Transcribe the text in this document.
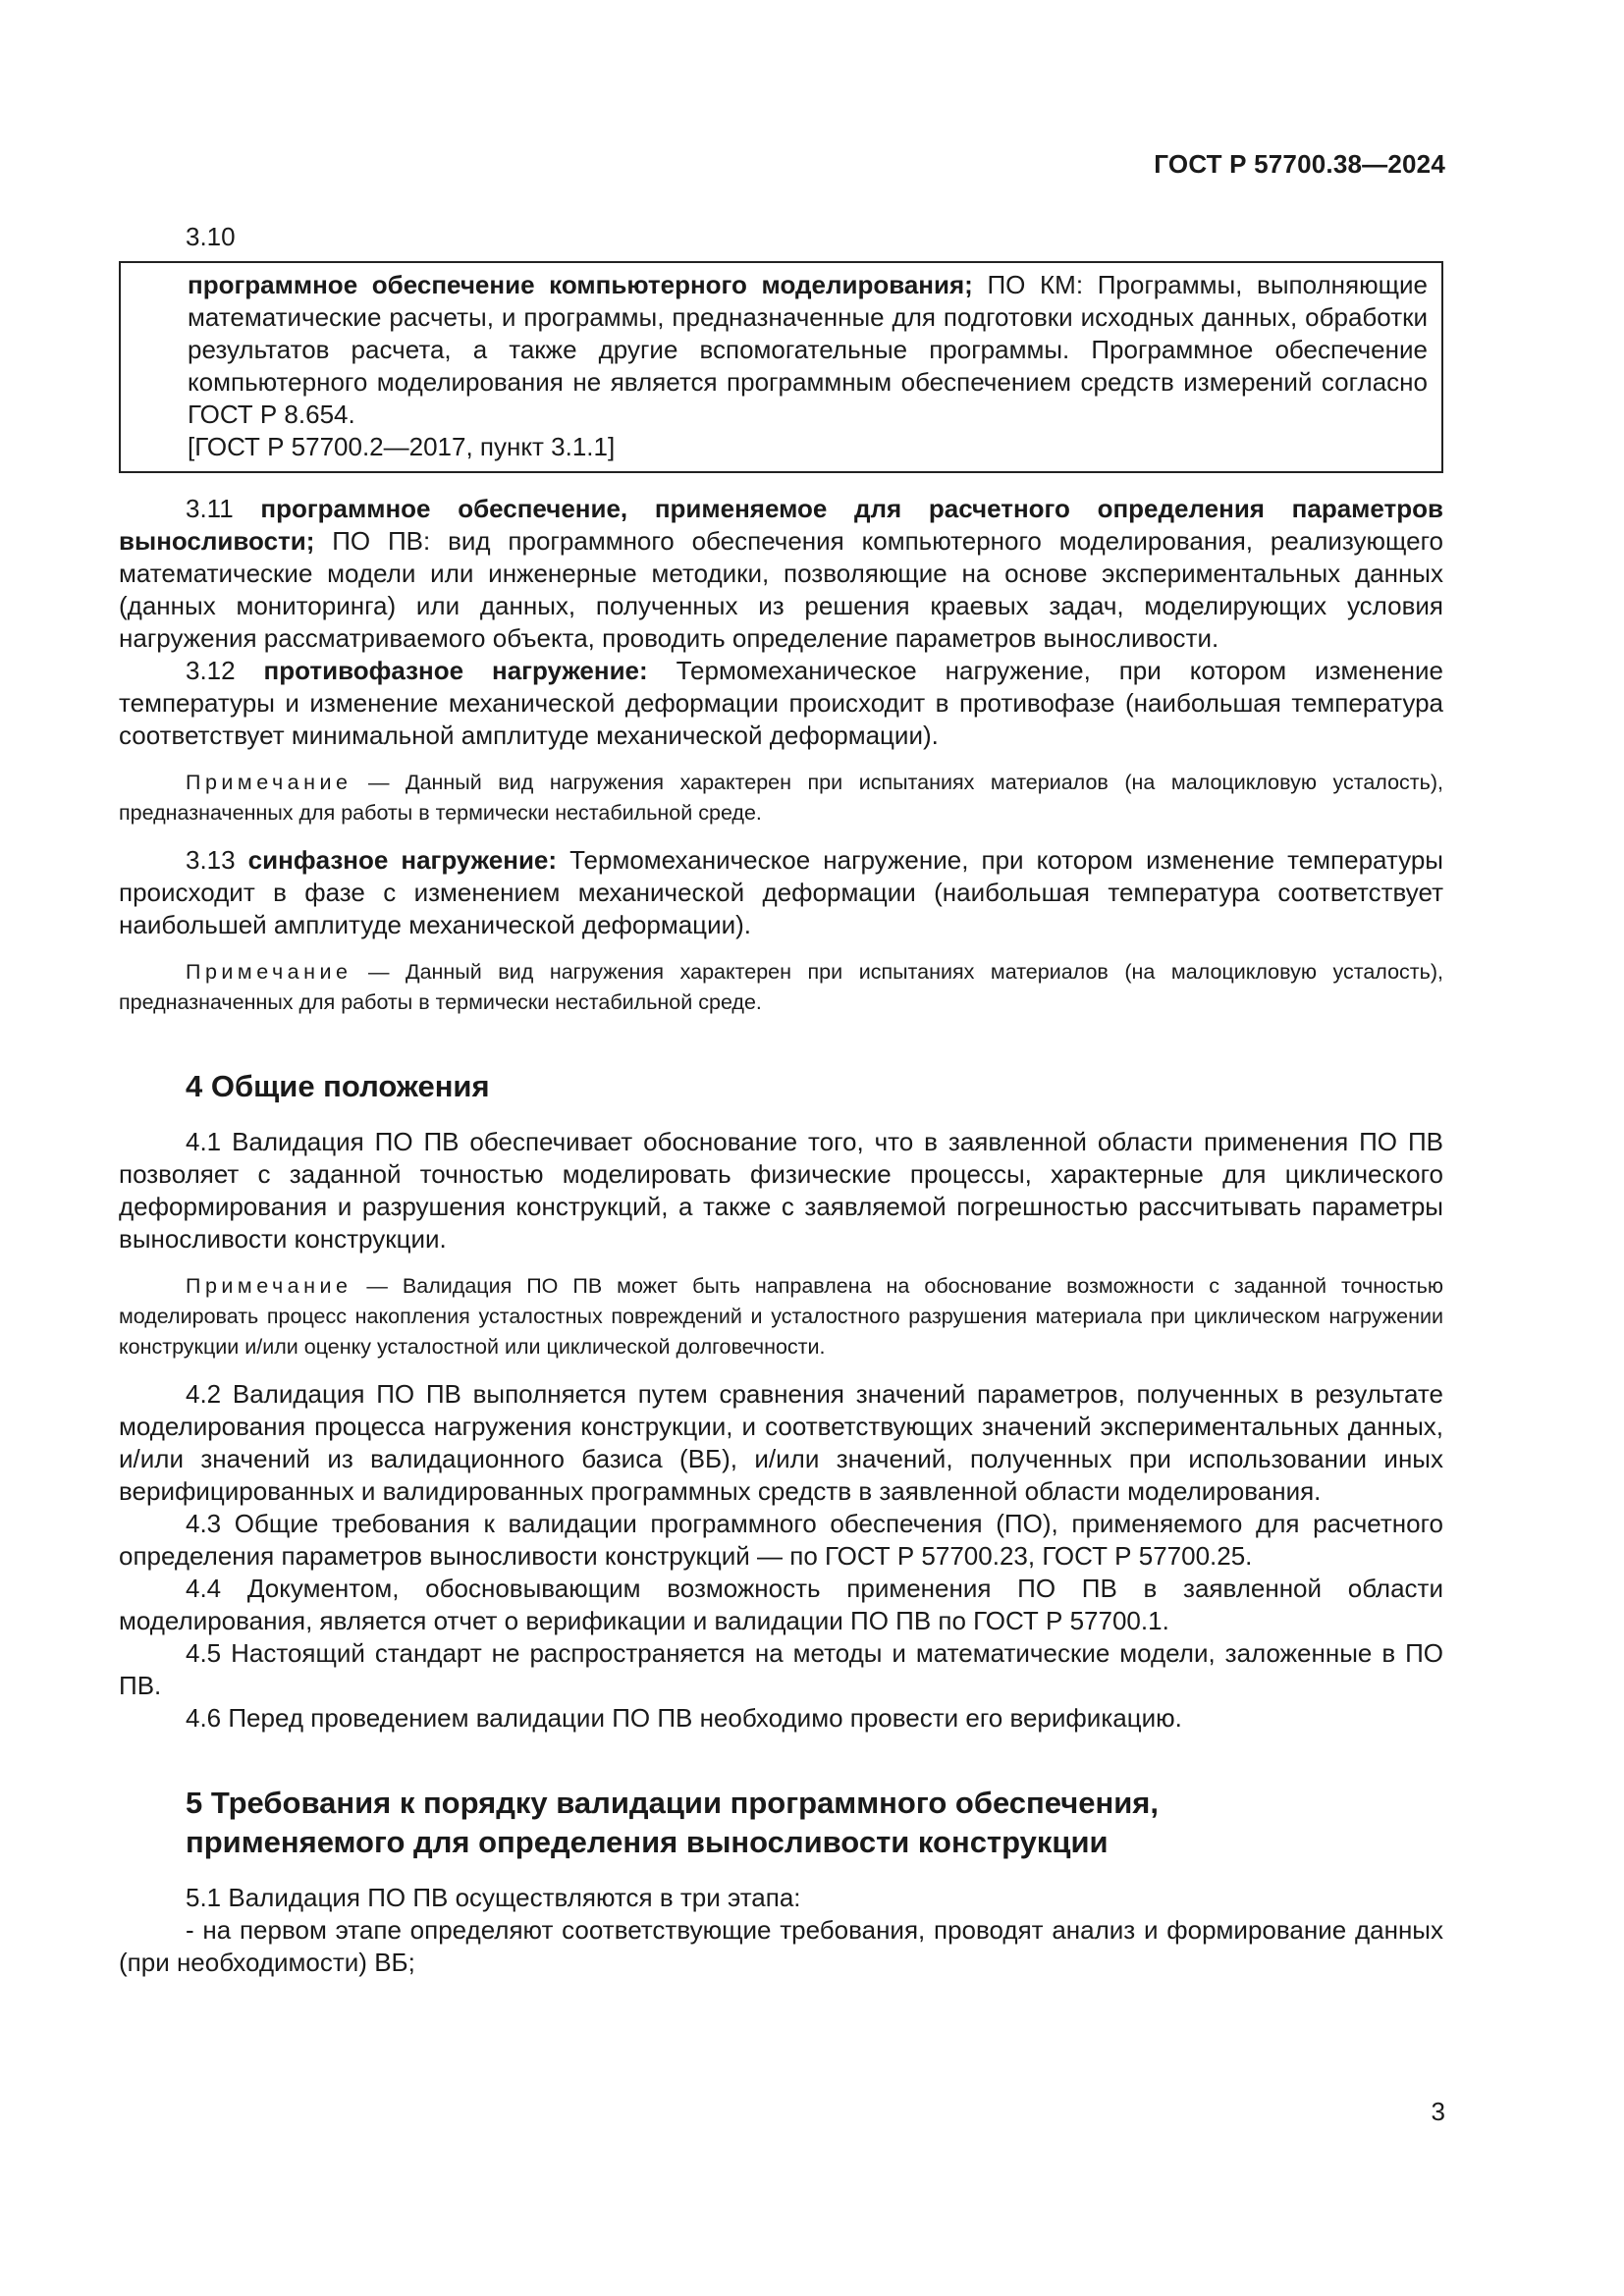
ГОСТ Р 57700.38—2024
3.10

программное обеспечение компьютерного моделирования; ПО КМ: Программы, выполняющие математические расчеты, и программы, предназначенные для подготовки исходных данных, обработки результатов расчета, а также другие вспомогательные программы. Программное обеспечение компьютерного моделирования не является программным обеспечением средств измерений согласно ГОСТ Р 8.654.

[ГОСТ Р 57700.2—2017, пункт 3.1.1]

3.11 программное обеспечение, применяемое для расчетного определения параметров выносливости; ПО ПВ: вид программного обеспечения компьютерного моделирования, реализующего математические модели или инженерные методики, позволяющие на основе экспериментальных данных (данных мониторинга) или данных, полученных из решения краевых задач, моделирующих условия нагружения рассматриваемого объекта, проводить определение параметров выносливости.

3.12 противофазное нагружение: Термомеханическое нагружение, при котором изменение температуры и изменение механической деформации происходит в противофазе (наибольшая температура соответствует минимальной амплитуде механической деформации).

Примечание — Данный вид нагружения характерен при испытаниях материалов (на малоцикловую усталость), предназначенных для работы в термически нестабильной среде.

3.13 синфазное нагружение: Термомеханическое нагружение, при котором изменение температуры происходит в фазе с изменением механической деформации (наибольшая температура соответствует наибольшей амплитуде механической деформации).

Примечание — Данный вид нагружения характерен при испытаниях материалов (на малоцикловую усталость), предназначенных для работы в термически нестабильной среде.

4 Общие положения

4.1 Валидация ПО ПВ обеспечивает обоснование того, что в заявленной области применения ПО ПВ позволяет с заданной точностью моделировать физические процессы, характерные для циклического деформирования и разрушения конструкций, а также с заявляемой погрешностью рассчитывать параметры выносливости конструкции.

Примечание — Валидация ПО ПВ может быть направлена на обоснование возможности с заданной точностью моделировать процесс накопления усталостных повреждений и усталостного разрушения материала при циклическом нагружении конструкции и/или оценку усталостной или циклической долговечности.

4.2 Валидация ПО ПВ выполняется путем сравнения значений параметров, полученных в результате моделирования процесса нагружения конструкции, и соответствующих значений экспериментальных данных, и/или значений из валидационного базиса (ВБ), и/или значений, полученных при использовании иных верифицированных и валидированных программных средств в заявленной области моделирования.

4.3 Общие требования к валидации программного обеспечения (ПО), применяемого для расчетного определения параметров выносливости конструкций — по ГОСТ Р 57700.23, ГОСТ Р 57700.25.

4.4 Документом, обосновывающим возможность применения ПО ПВ в заявленной области моделирования, является отчет о верификации и валидации ПО ПВ по ГОСТ Р 57700.1.

4.5 Настоящий стандарт не распространяется на методы и математические модели, заложенные в ПО ПВ.

4.6 Перед проведением валидации ПО ПВ необходимо провести его верификацию.

5 Требования к порядку валидации программного обеспечения,
применяемого для определения выносливости конструкции

5.1 Валидация ПО ПВ осуществляются в три этапа:

- на первом этапе определяют соответствующие требования, проводят анализ и формирование данных (при необходимости) ВБ;

3
